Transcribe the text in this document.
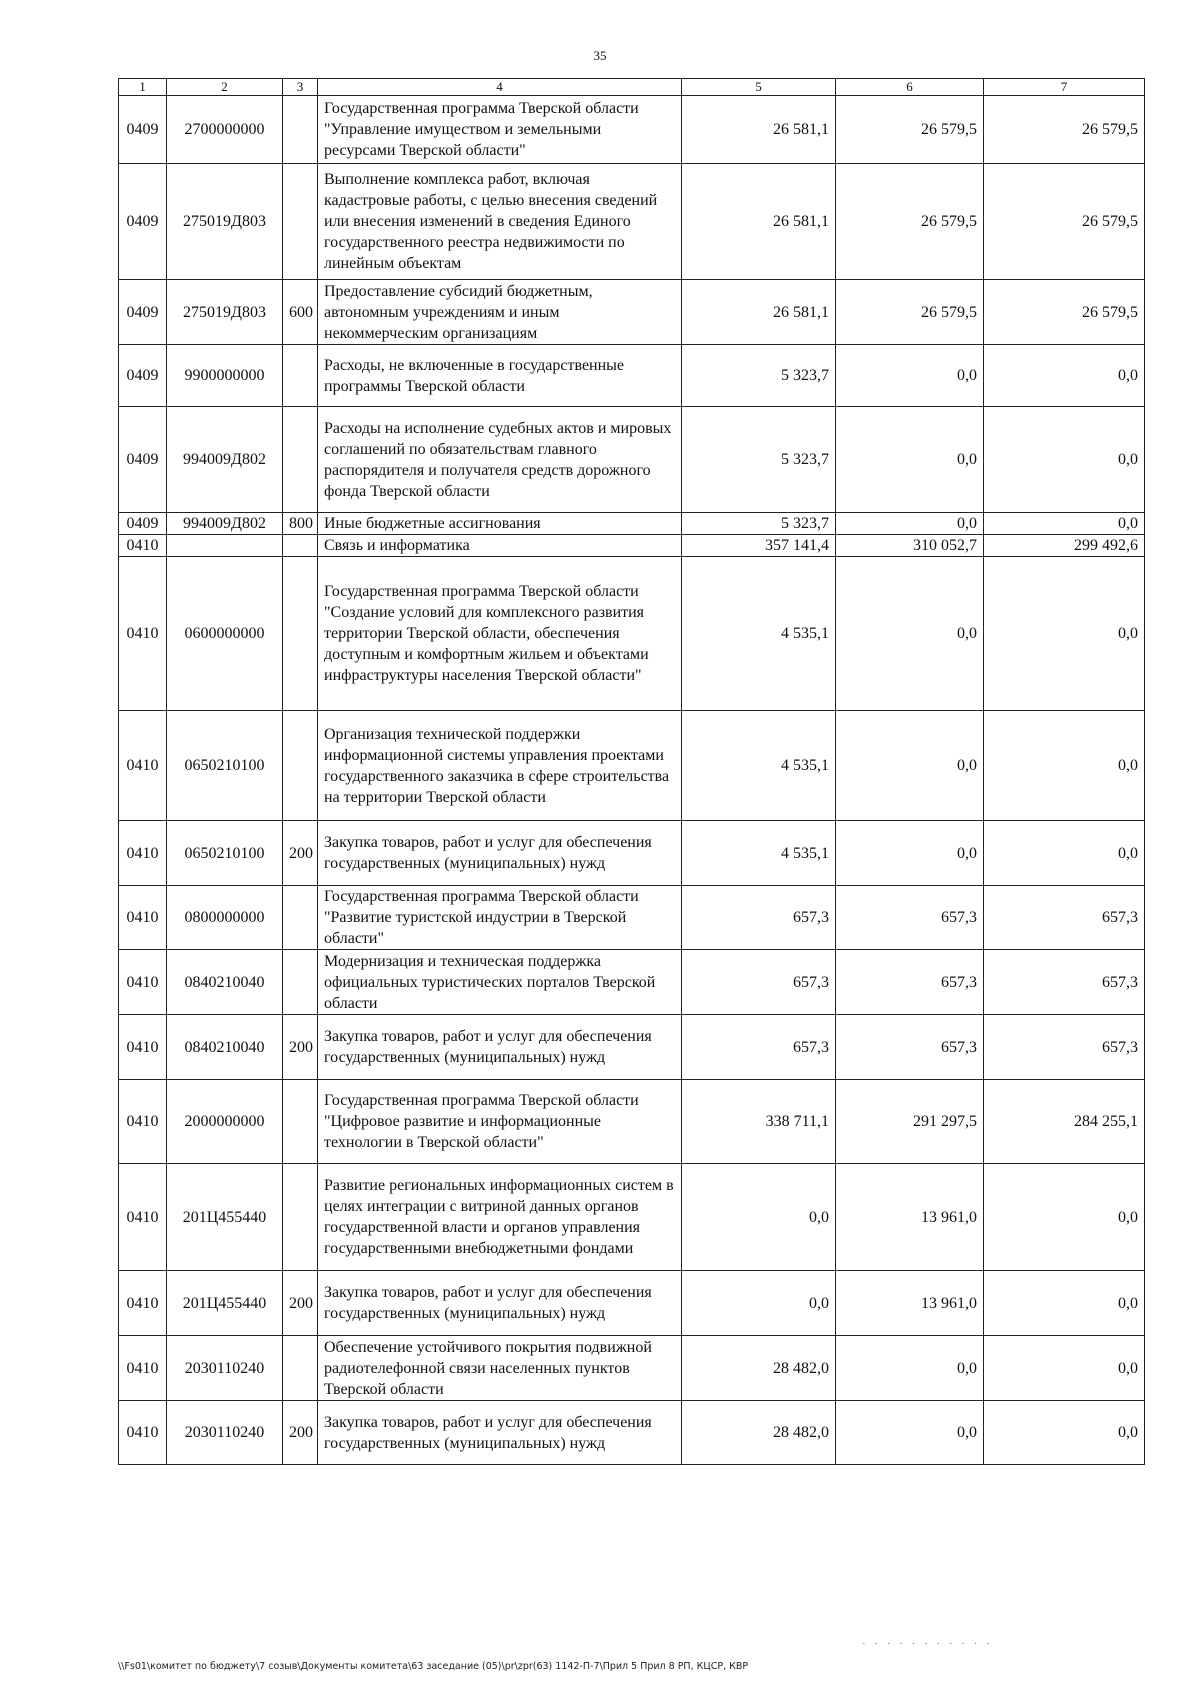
35
1	2	3	4	5	6	7
0409	2700000000		Государственная программа Тверской области "Управление имуществом и земельными ресурсами Тверской области"	26 581,1	26 579,5	26 579,5
0409	275019Д803		Выполнение комплекса работ, включая кадастровые работы, с целью внесения сведений или внесения изменений в сведения Единого государственного реестра недвижимости по линейным объектам	26 581,1	26 579,5	26 579,5
0409	275019Д803	600	Предоставление субсидий бюджетным, автономным учреждениям и иным некоммерческим организациям	26 581,1	26 579,5	26 579,5
0409	9900000000		Расходы, не включенные в государственные программы Тверской области	5 323,7	0,0	0,0
0409	994009Д802		Расходы на исполнение судебных актов и мировых соглашений по обязательствам главного распорядителя и получателя средств дорожного фонда Тверской области	5 323,7	0,0	0,0
0409	994009Д802	800	Иные бюджетные ассигнования	5 323,7	0,0	0,0
0410			Связь и информатика	357 141,4	310 052,7	299 492,6
0410	0600000000		Государственная программа Тверской области "Создание условий для комплексного развития территории Тверской области, обеспечения доступным и комфортным жильем и объектами инфраструктуры населения Тверской области"	4 535,1	0,0	0,0
0410	0650210100		Организация технической поддержки информационной системы управления проектами государственного заказчика в сфере строительства на территории Тверской области	4 535,1	0,0	0,0
0410	0650210100	200	Закупка товаров, работ и услуг для обеспечения государственных (муниципальных) нужд	4 535,1	0,0	0,0
0410	0800000000		Государственная программа Тверской области "Развитие туристской индустрии в Тверской области"	657,3	657,3	657,3
0410	0840210040		Модернизация и техническая поддержка официальных туристических порталов Тверской области	657,3	657,3	657,3
0410	0840210040	200	Закупка товаров, работ и услуг для обеспечения государственных (муниципальных) нужд	657,3	657,3	657,3
0410	2000000000		Государственная программа Тверской области "Цифровое развитие и информационные технологии в Тверской области"	338 711,1	291 297,5	284 255,1
0410	201Ц455440		Развитие региональных информационных систем в целях интеграции с витриной данных органов государственной власти и органов управления государственными внебюджетными фондами	0,0	13 961,0	0,0
0410	201Ц455440	200	Закупка товаров, работ и услуг для обеспечения государственных (муниципальных) нужд	0,0	13 961,0	0,0
0410	2030110240		Обеспечение устойчивого покрытия подвижной радиотелефонной связи населенных пунктов Тверской области	28 482,0	0,0	0,0
0410	2030110240	200	Закупка товаров, работ и услуг для обеспечения государственных (муниципальных) нужд	28 482,0	0,0	0,0
\\Fs01\комитет по бюджету\7 созыв\Документы комитета\63 заседание (05)\pr\zpr(63) 1142-П-7\Прил 5 Прил 8 РП, КЦСР, КВР
· · · · · · · · · · ·
